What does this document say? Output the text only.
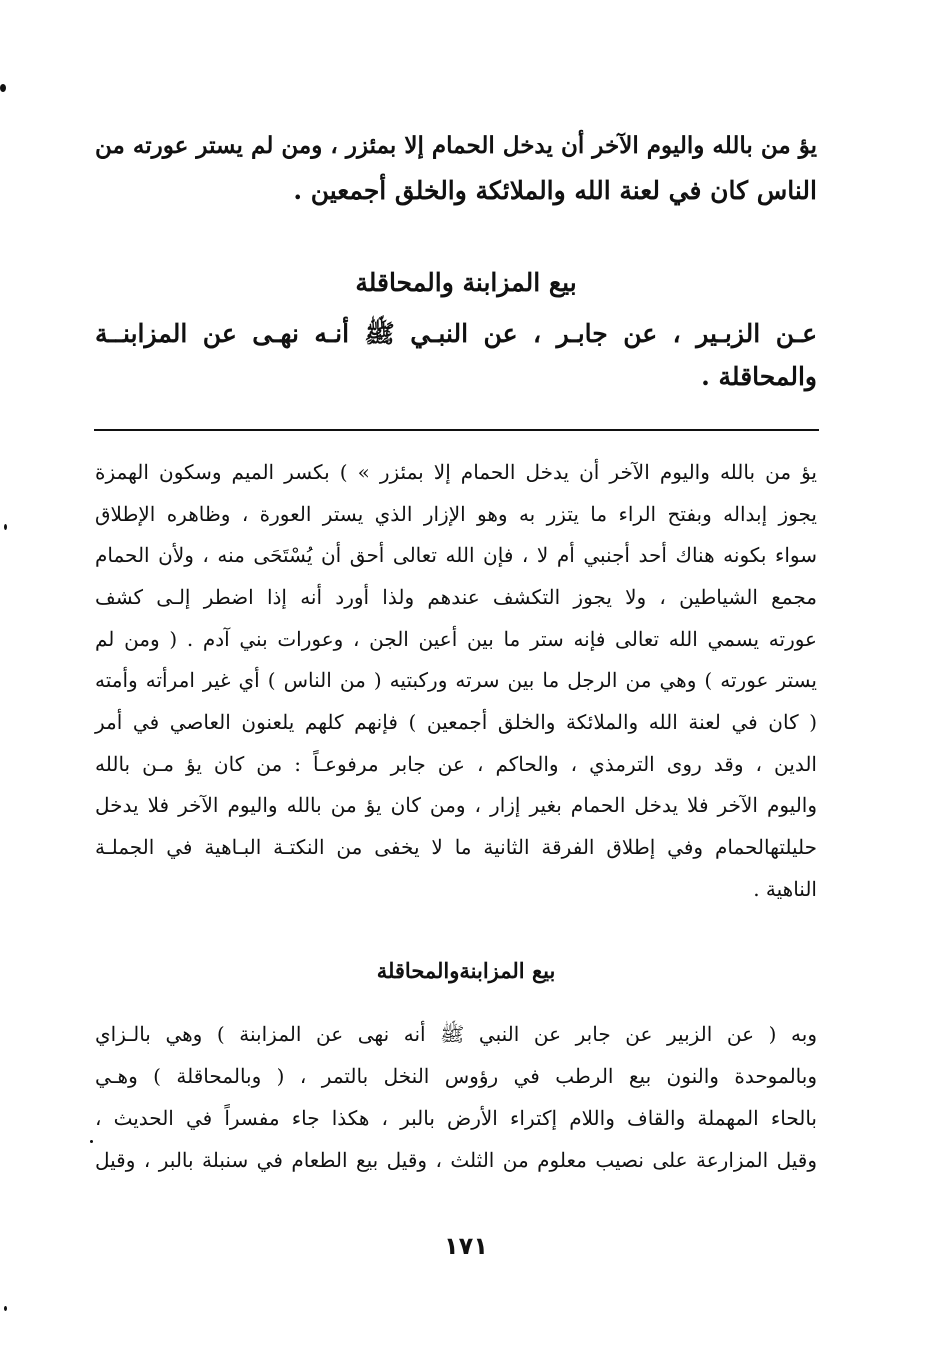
يؤ من بالله واليوم الآخر أن يدخل الحمام إلا بمئزر ، ومن لم يستر عورته من

الناس كان في لعنة الله والملائكة والخلق أجمعين .

بيع المزابنة والمحاقلة

عـن الزبـير ، عن جابـر ، عن النبـي ﷺ أنـه نهـى عن المزابنــة

والمحاقلة .

يؤ من بالله واليوم الآخر أن يدخل الحمام إلا بمئزر » ) بكسر الميم وسكون الهمزة

يجوز إبداله وبفتح الراء ما يتزر به وهو الإزار الذي يستر العورة ، وظاهره الإطلاق

سواء بكونه هناك أحد أجنبي أم لا ، فإن الله تعالى أحق أن يُسْتَحَى منه ، ولأن الحمام

مجمع الشياطين ، ولا يجوز التكشف عندهم ولذا أورد أنه إذا اضطر إلـى كشف

عورته يسمي الله تعالى فإنه ستر ما بين أعين الجن ، وعورات بني آدم . ( ومن لم

يستر عورته ) وهي من الرجل ما بين سرته وركبتيه ( من الناس ) أي غير امرأته وأمته

( كان في لعنة الله والملائكة والخلق أجمعين ) فإنهم كلهم يلعنون العاصي في أمر

الدين ، وقد روى الترمذي ، والحاكم ، عن جابر مرفوعـاً : من كان يؤ مـن بالله

واليوم الآخر فلا يدخل الحمام بغير إزار ، ومن كان يؤ من بالله واليوم الآخر فلا يدخل

حليلتهالحمام وفي إطلاق الفرقة الثانية ما لا يخفى من النكتـة البـاهية في الجملـة

الناهية .

بيع المزابنةوالمحاقلة

وبه ( عن الزبير عن جابر عن النبي ﷺ أنه نهى عن المزابنة ) وهي بالـزاي

وبالموحدة والنون بيع الرطب في رؤوس النخل بالتمر ، ( وبالمحاقلة ) وهـي

بالحاء المهملة والقاف واللام إكتراء الأرض بالبر ، هكذا جاء مفسراً في الحديث ،

وقيل المزارعة على نصيب معلوم من الثلث ، وقيل بيع الطعام في سنبلة بالبر ، وقيل

١٧١
